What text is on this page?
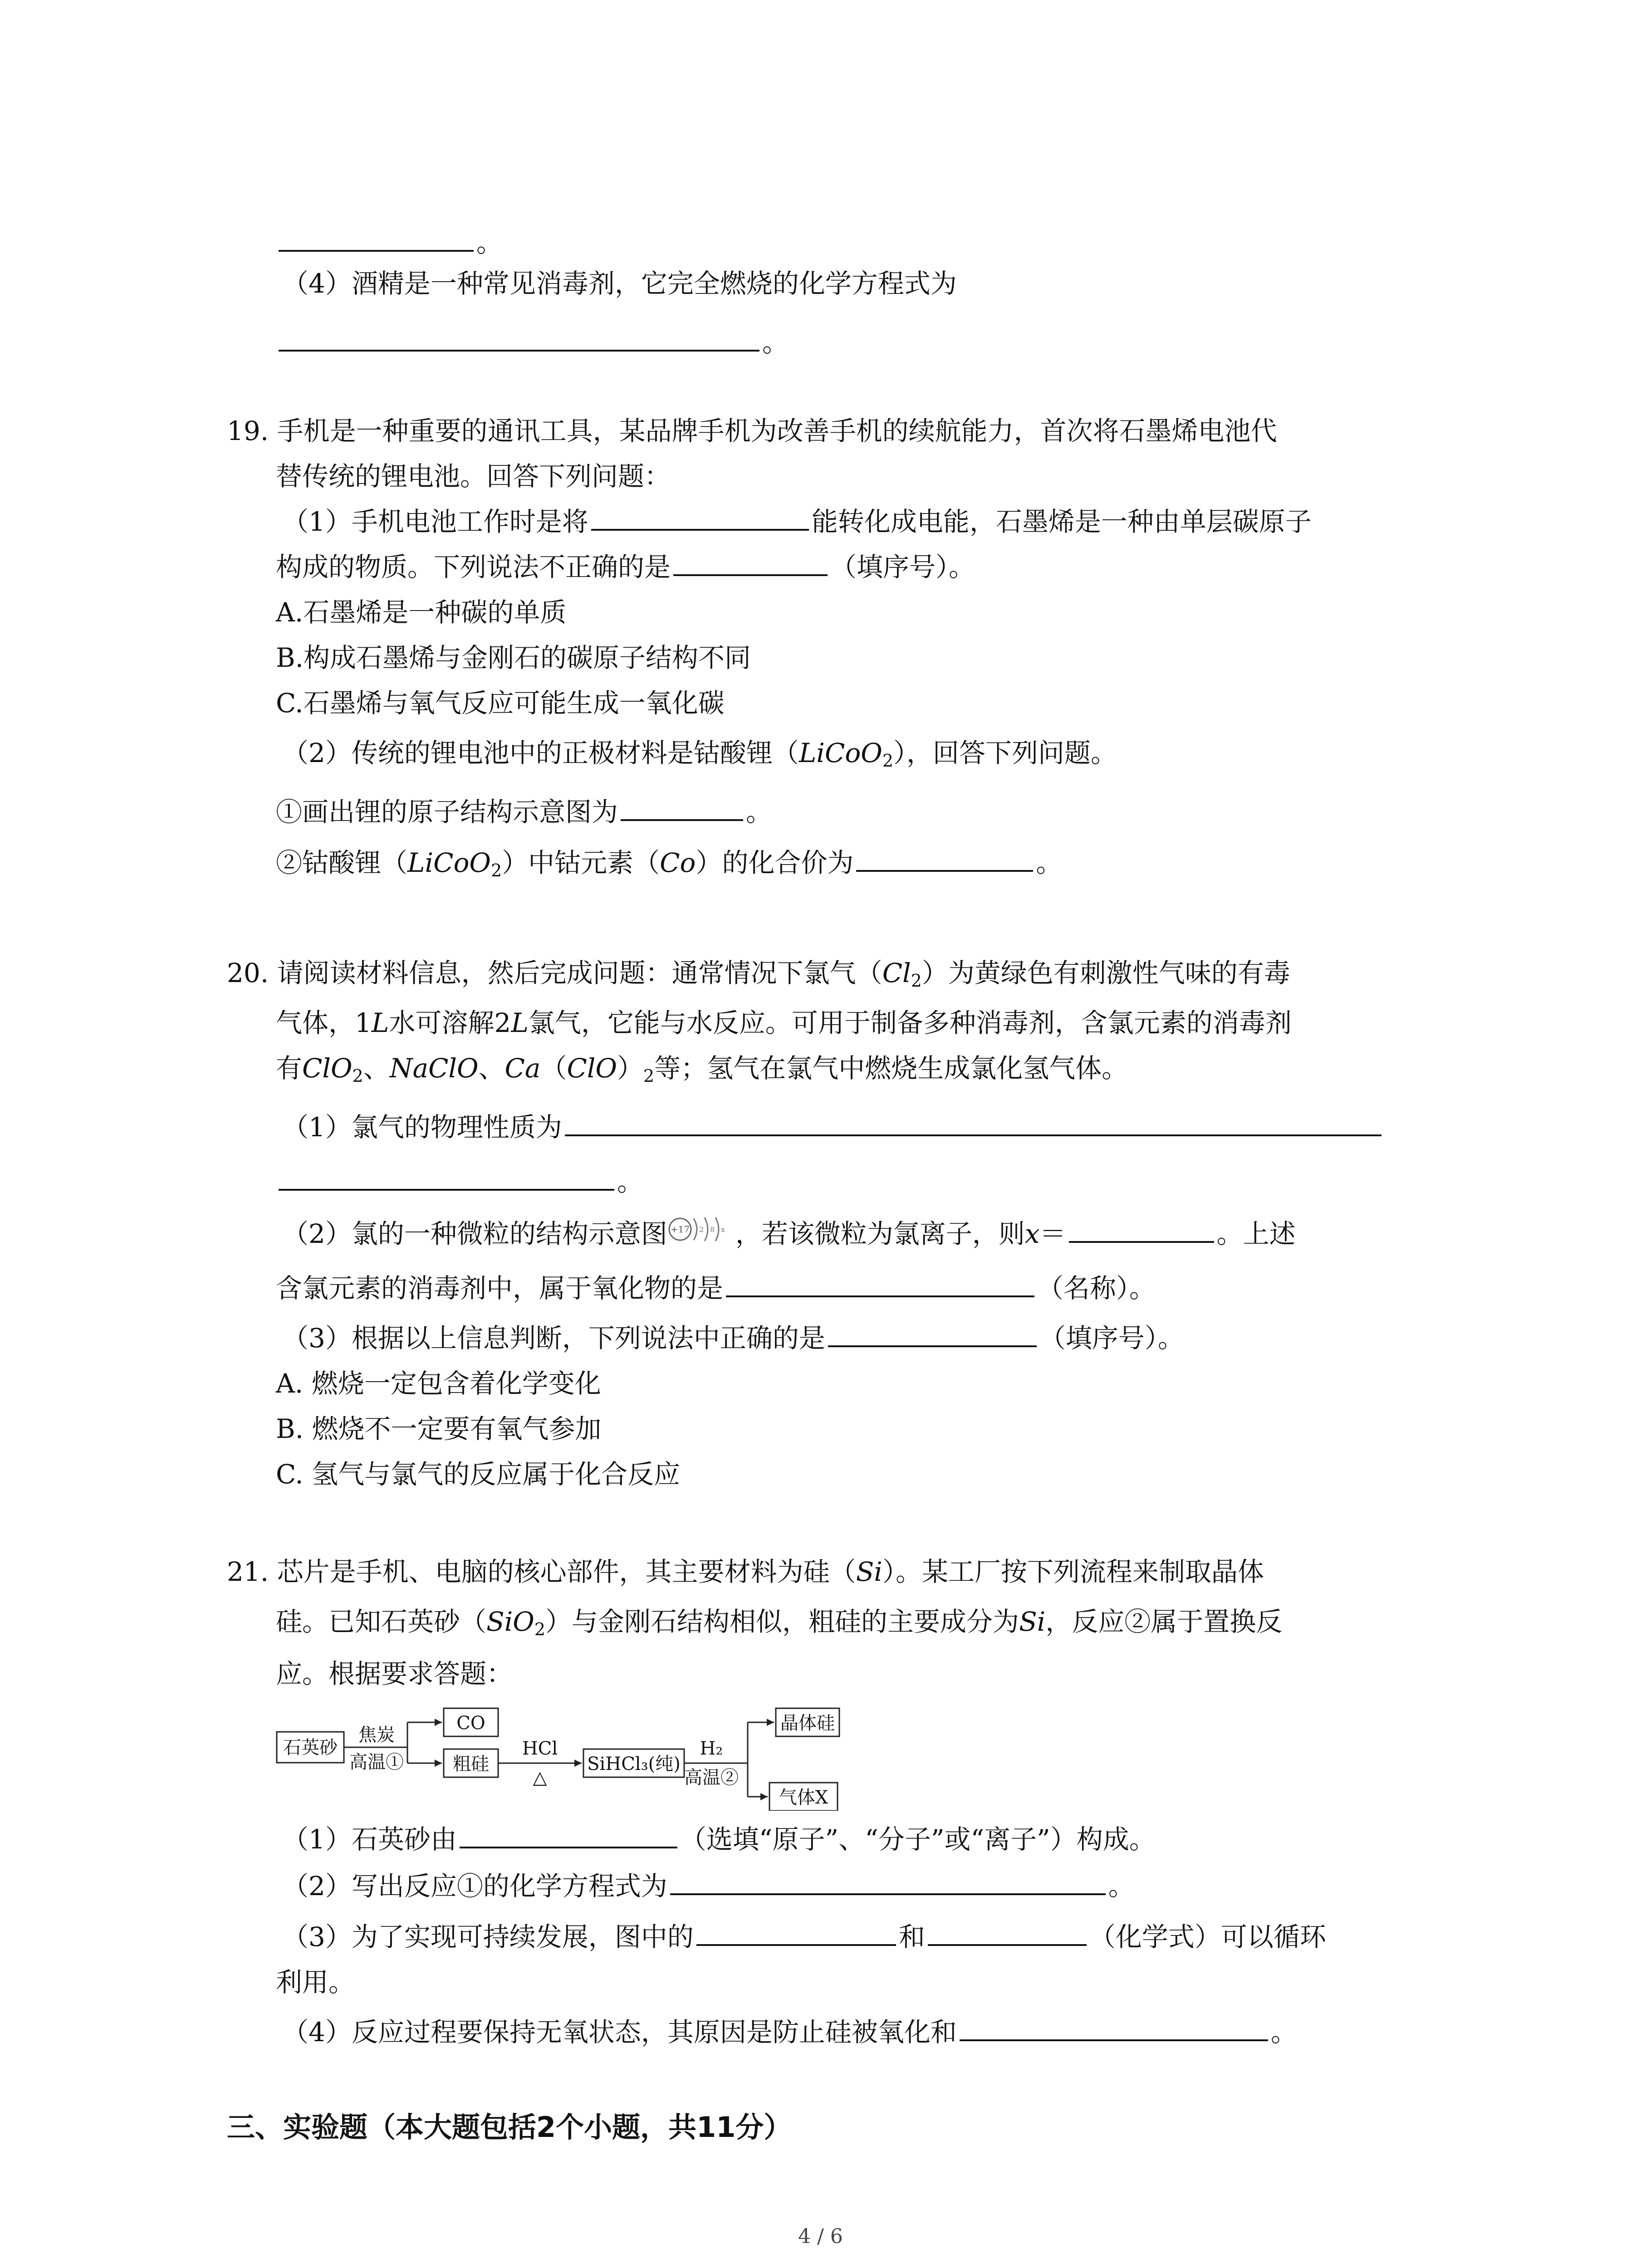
。
（4）酒精是一种常见消毒剂，它完全燃烧的化学方程式为
。
19. 手机是一种重要的通讯工具，某品牌手机为改善手机的续航能力，首次将石墨烯电池代
替传统的锂电池。回答下列问题：
（1）手机电池工作时是将	能转化成电能，石墨烯是一种由单层碳原子
构成的物质。下列说法不正确的是	（填序号）。
A.石墨烯是一种碳的单质
B.构成石墨烯与金刚石的碳原子结构不同
C.石墨烯与氧气反应可能生成一氧化碳
（2）传统的锂电池中的正极材料是钴酸锂（LiCoO$_2$），回答下列问题。
①画出锂的原子结构示意图为	。
②钴酸锂（LiCoO$_2$）中钴元素（Co）的化合价为	。
20. 请阅读材料信息，然后完成问题：通常情况下氯气$(Cl_2)$为黄绿色有刺激性气味的有毒
气体，1L水可溶解2L氯气，它能与水反应。可用于制备多种消毒剂，含氯元素的消毒剂
有ClO$_2$、NaClO、$Ca(ClO)_2$等；氢气在氯气中燃烧生成氯化氢气体。
（1）氯气的物理性质为
。
（2）氯的一种微粒的结构示意图 +17 2 8 x ，若该微粒为氯离子，则x＝	。上述
含氯元素的消毒剂中，属于氧化物的是	（名称）。
（3）根据以上信息判断，下列说法中正确的是	（填序号）。
A. 燃烧一定包含着化学变化
B. 燃烧不一定要有氧气参加
C. 氢气与氯气的反应属于化合反应
21. 芯片是手机、电脑的核心部件，其主要材料为硅（Si）。某工厂按下列流程来制取晶体
硅。已知石英砂（SiO$_2$）与金刚石结构相似，粗硅的主要成分为Si，反应②属于置换反
应。根据要求答题：
石英砂
焦炭
高温①
CO
粗硅
HCl
△
SiHCl₃(纯)
H₂
高温②
晶体硅
气体X
（1）石英砂由	（选填“原子”、“分子”或“离子”）构成。
（2）写出反应①的化学方程式为	。
（3）为了实现可持续发展，图中的	和	（化学式）可以循环
利用。
（4）反应过程要保持无氧状态，其原因是防止硅被氧化和	。
三、实验题（本大题包括2个小题，共11分）
4 / 6
